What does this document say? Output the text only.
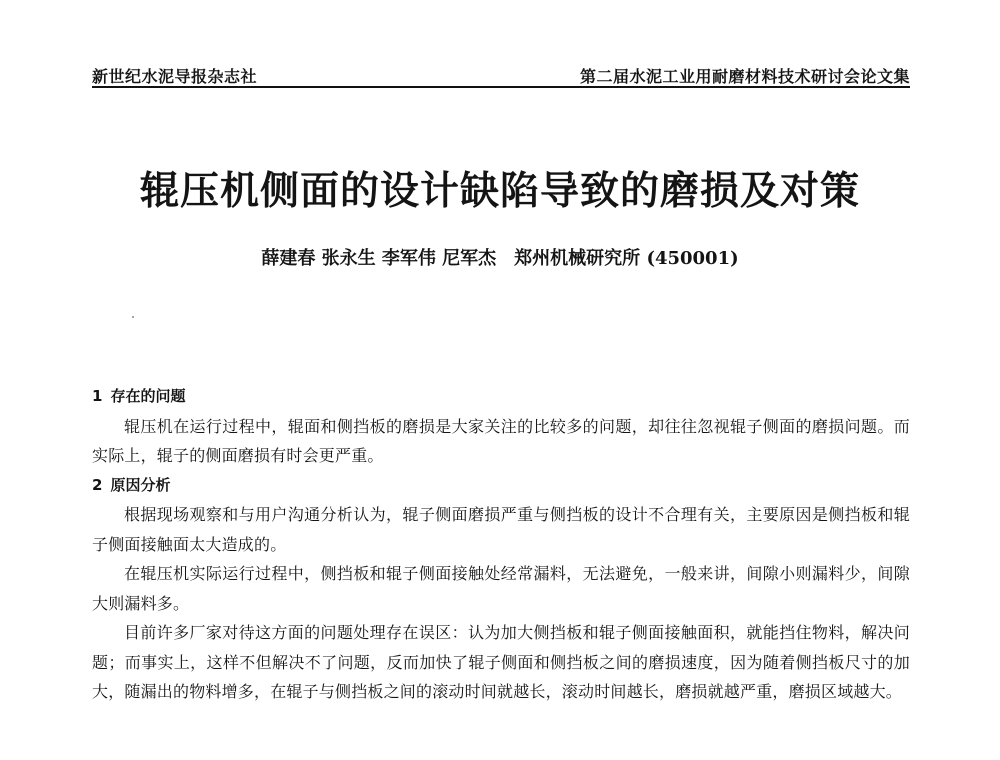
新世纪水泥导报杂志社	第二届水泥工业用耐磨材料技术研讨会论文集
辊压机侧面的设计缺陷导致的磨损及对策
薛建春 张永生 李军伟 尼军杰 郑州机械研究所 (450001)

1 存在的问题

辊压机在运行过程中，辊面和侧挡板的磨损是大家关注的比较多的问题，却往往忽视辊子侧面的磨损问题。而实际上，辊子的侧面磨损有时会更严重。

2 原因分析

根据现场观察和与用户沟通分析认为，辊子侧面磨损严重与侧挡板的设计不合理有关，主要原因是侧挡板和辊子侧面接触面太大造成的。

在辊压机实际运行过程中，侧挡板和辊子侧面接触处经常漏料，无法避免，一般来讲，间隙小则漏料少，间隙大则漏料多。

目前许多厂家对待这方面的问题处理存在误区：认为加大侧挡板和辊子侧面接触面积，就能挡住物料，解决问题；而事实上，这样不但解决不了问题，反而加快了辊子侧面和侧挡板之间的磨损速度，因为随着侧挡板尺寸的加大，随漏出的物料增多，在辊子与侧挡板之间的滚动时间就越长，滚动时间越长，磨损就越严重，磨损区域越大。
